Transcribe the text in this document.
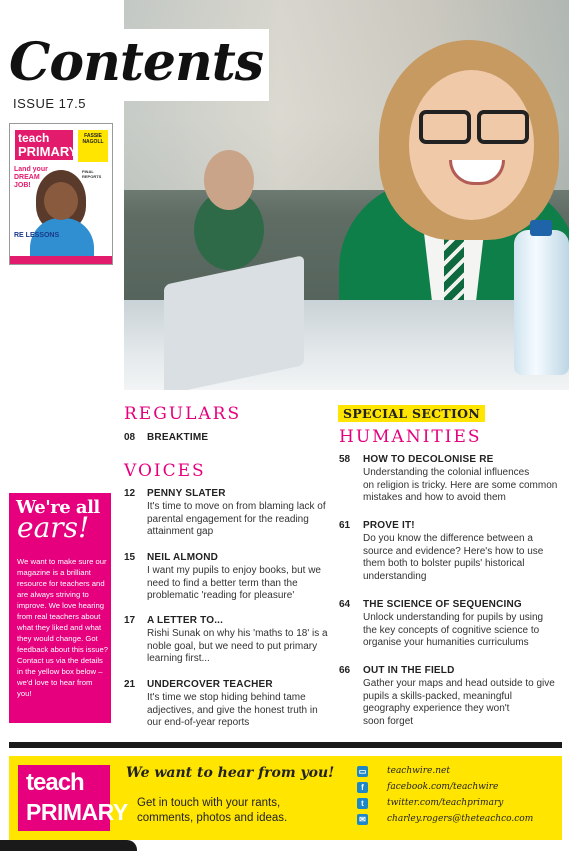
Contents
ISSUE 17.5
teach
PRIMARY
FASSIE NAGOLL
Land your DREAM JOB!
FINAL REPORTS
RE LESSONS
We're all
ears!
We want to make sure our magazine is a brilliant resource for teachers and are always striving to improve. We love hearing from real teachers about what they liked and what they would change. Got feedback about this issue? Contact us via the details in the yellow box below – we'd love to hear from you!
REGULARS
08 BREAKTIME
VOICES
12 PENNY SLATER
It's time to move on from blaming lack of
parental engagement for the reading
attainment gap
15 NEIL ALMOND
I want my pupils to enjoy books, but we
need to find a better term than the
problematic 'reading for pleasure'
17 A LETTER TO...
Rishi Sunak on why his 'maths to 18' is a
noble goal, but we need to put primary
learning first...
21 UNDERCOVER TEACHER
It's time we stop hiding behind tame
adjectives, and give the honest truth in
our end-of-year reports
SPECIAL SECTION
HUMANITIES
58 HOW TO DECOLONISE RE
Understanding the colonial influences
on religion is tricky. Here are some common
mistakes and how to avoid them
61 PROVE IT!
Do you know the difference between a
source and evidence? Here's how to use
them both to bolster pupils' historical
understanding
64 THE SCIENCE OF SEQUENCING
Unlock understanding for pupils by using
the key concepts of cognitive science to
organise your humanities curriculums
66 OUT IN THE FIELD
Gather your maps and head outside to give
pupils a skills-packed, meaningful
geography experience they won't
soon forget
teach
PRIMARY
We want to hear from you!
Get in touch with your rants,
comments, photos and ideas.
▭ teachwire.net
f	facebook.com/teachwire
t	twitter.com/teachprimary
✉ charley.rogers@theteachco.com
